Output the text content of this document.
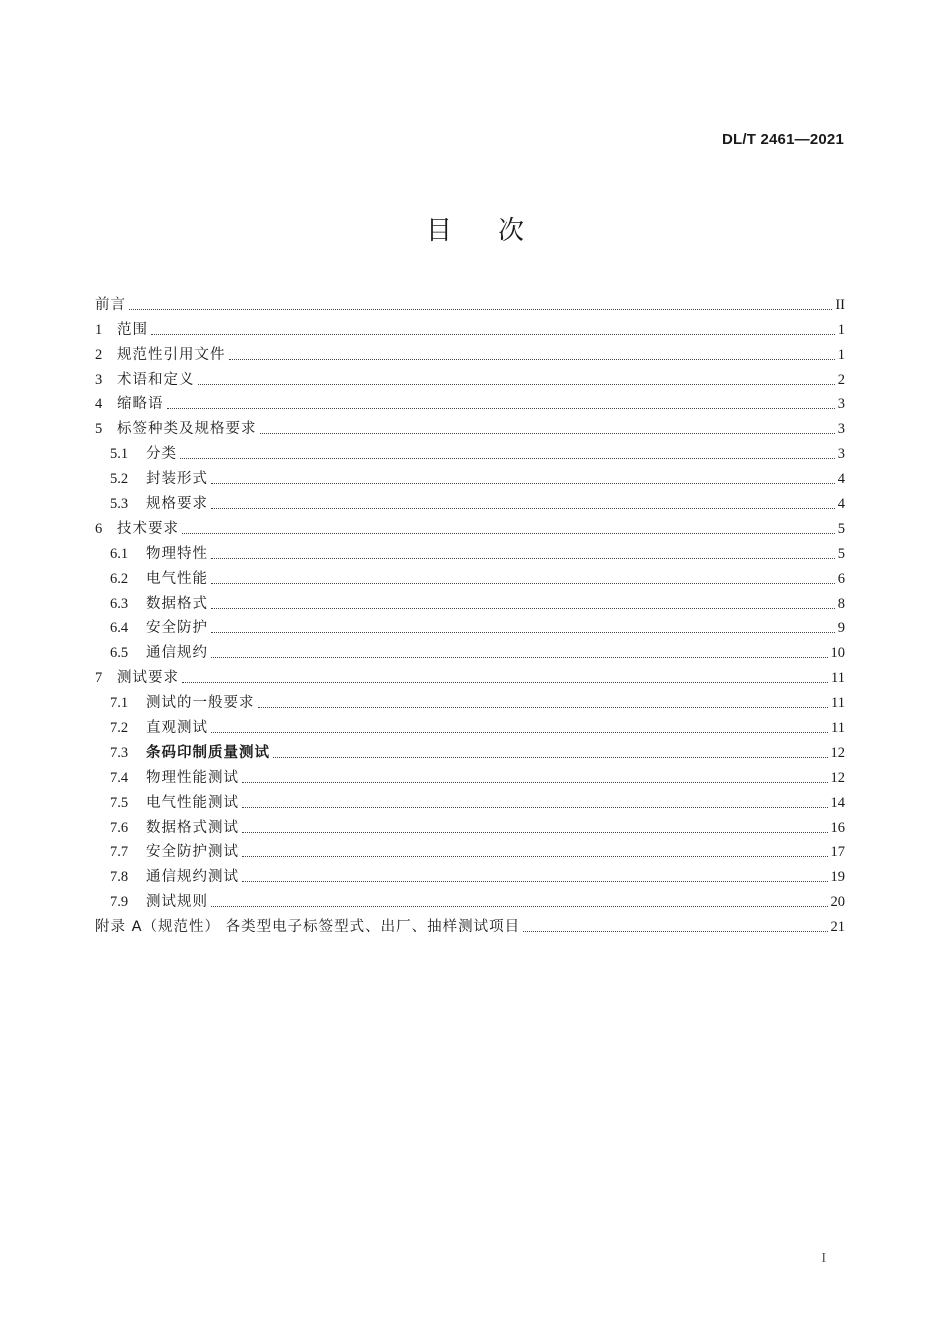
DL/T 2461—2021
目次
前言	II
1	范围	1
2	规范性引用文件	1
3	术语和定义	2
4	缩略语	3
5	标签种类及规格要求	3
5.1	分类	3
5.2	封装形式	4
5.3	规格要求	4
6	技术要求	5
6.1	物理特性	5
6.2	电气性能	6
6.3	数据格式	8
6.4	安全防护	9
6.5	通信规约	10
7	测试要求	11
7.1	测试的一般要求	11
7.2	直观测试	11
7.3	条码印制质量测试	12
7.4	物理性能测试	12
7.5	电气性能测试	14
7.6	数据格式测试	16
7.7	安全防护测试	17
7.8	通信规约测试	19
7.9	测试规则	20
附录 A（规范性） 各类型电子标签型式、出厂、抽样测试项目	21
I
